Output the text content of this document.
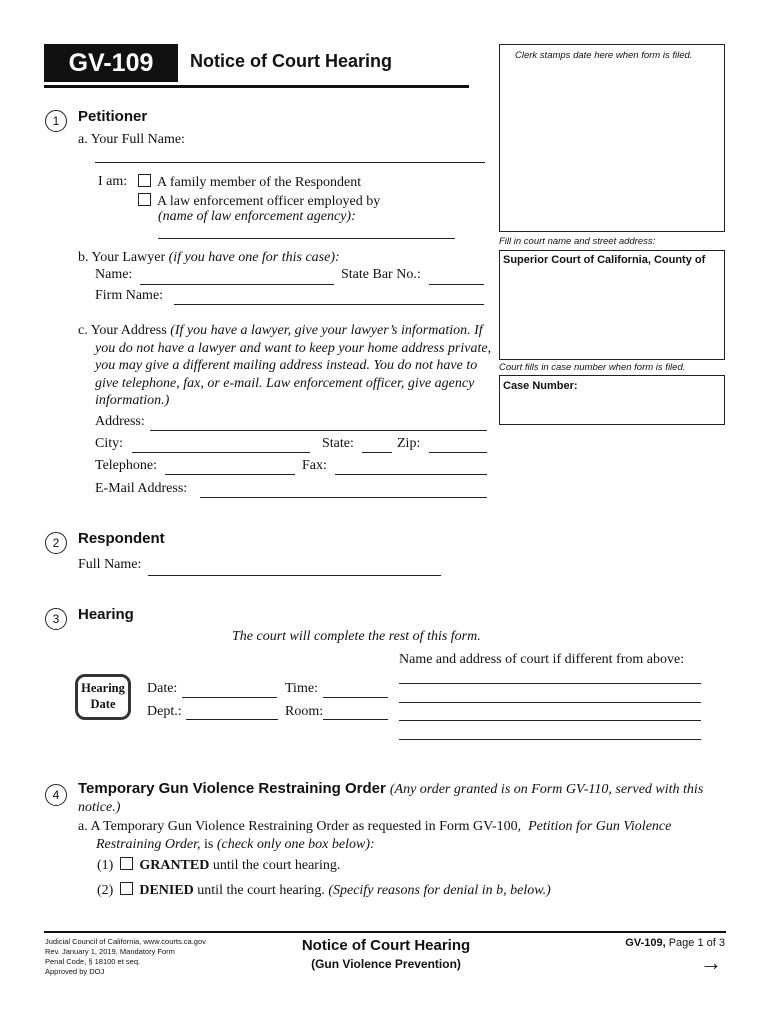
GV-109	Notice of Court Hearing	Clerk stamps date here when form is filed.
Fill in court name and street address:
Superior Court of California, County of
Court fills in case number when form is filed.
Case Number:
1	Petitioner
a. Your Full Name:
I am:	A family member of the Respondent
A law enforcement officer employed by
(name of law enforcement agency):
b. Your Lawyer (if you have one for this case):
Name:	State Bar No.:
Firm Name:
c. Your Address (If you have a lawyer, give your lawyer’s information. If
you do not have a lawyer and want to keep your home address private,
you may give a different mailing address instead. You do not have to
give telephone, fax, or e-mail. Law enforcement officer, give agency
information.)
Address:
City:	State:	Zip:
Telephone:	Fax:
E-Mail Address:
2	Respondent
Full Name:
3	Hearing
The court will complete the rest of this form.
Name and address of court if different from above:
Hearing
Date
Date:	Time:
Dept.:	Room:
4	Temporary Gun Violence Restraining Order (Any order granted is on Form GV-110, served with this
notice.)
a. A Temporary Gun Violence Restraining Order as requested in Form GV-100, Petition for Gun Violence
Restraining Order, is (check only one box below):
(1) GRANTED until the court hearing.
(2) DENIED until the court hearing. (Specify reasons for denial in b, below.)
Judicial Council of California, www.courts.ca.gov
Rev. January 1, 2019, Mandatory Form
Penal Code, § 18100 et seq.
Approved by DOJ
Notice of Court Hearing
(Gun Violence Prevention)
GV-109, Page 1 of 3
→
